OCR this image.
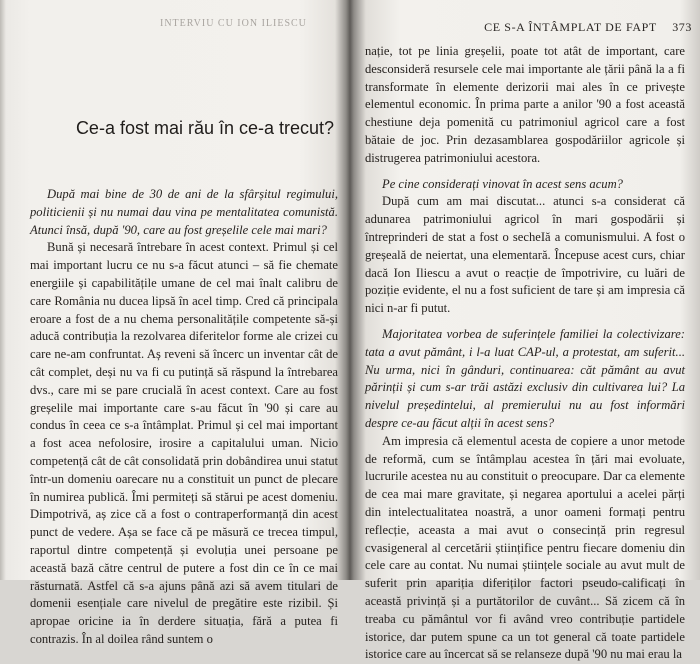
INTERVIU CU ION ILIESCU	CE S-A ÎNTÂMPLAT DE FAPT 373
Ce-a fost mai rău în ce-a trecut?

După mai bine de 30 de ani de la sfârșitul regimului, politicienii și nu numai dau vina pe mentalitatea comunistă. Atunci însă, după '90, care au fost greșelile cele mai mari?

Bună și necesară întrebare în acest context. Primul și cel mai important lucru ce nu s-a făcut atunci – să fie chemate energiile și capabilitățile umane de cel mai înalt calibru de care România nu ducea lipsă în acel timp. Cred că principala eroare a fost de a nu chema personalitățile competente să-și aducă contribuția la rezolvarea diferitelor forme ale crizei cu care ne-am confruntat. Aș reveni să încerc un inventar cât de cât complet, deși nu va fi cu putință să răspund la întrebarea dvs., care mi se pare crucială în acest context. Care au fost greșelile mai importante care s-au făcut în '90 și care au condus în ceea ce s-a întâmplat. Primul și cel mai important a fost acea nefolosire, irosire a capitalului uman. Nicio competență cât de cât consolidată prin dobândirea unui statut într-un domeniu oarecare nu a constituit un punct de plecare în numirea publică. Îmi permiteți să stărui pe acest domeniu. Dimpotrivă, aș zice că a fost o contraperformanță din acest punct de vedere. Așa se face că pe măsură ce trecea timpul, raportul dintre competență și evoluția unei persoane pe această bază către centrul de putere a fost din ce în ce mai răsturnată. Astfel că s-a ajuns până azi să avem titulari de domenii esențiale care nivelul de pregătire este rizibil. Și apropae oricine ia în derdere situația, fără a putea fi contrazis. În al doilea rând suntem o

nație, tot pe linia greșelii, poate tot atât de important, care desconsideră resursele cele mai importante ale țării până la a fi transformate în elemente derizorii mai ales în ce privește elementul economic. În prima parte a anilor '90 a fost această chestiune deja pomenită cu patrimoniul agricol care a fost bătaie de joc. Prin dezasamblarea gospodăriilor agricole și distrugerea patrimoniului acestora.

Pe cine considerați vinovat în acest sens acum?

După cum am mai discutat... atunci s-a considerat că adunarea patrimoniului agricol în mari gospodării și întreprinderi de stat a fost o secheIă a comunismului. A fost o greșeală de neiertat, una elementară. Începuse acest curs, chiar dacă Ion Iliescu a avut o reacție de împotrivire, cu luări de poziție evidente, el nu a fost suficient de tare și am impresia că nici n-ar fi putut.

Majoritatea vorbea de suferințele familiei la colectivizare: tata a avut pământ, i l-a luat CAP-ul, a protestat, am suferit... Nu urma, nici în gânduri, continuarea: căt pământ au avut părinții și cum s-ar trăi astăzi exclusiv din cultivarea lui? La nivelul președintelui, al premierului nu au fost informări despre ce-au făcut alții în acest sens?

Am impresia că elementul acesta de copiere a unor metode de reformă, cum se întâmplau acestea în țări mai evoluate, lucrurile acestea nu au constituit o preocupare. Dar ca elemente de cea mai mare gravitate, și negarea aportului a acelei părți din intelectualitatea noastră, a unor oameni formați pentru reflecție, aceasta a mai avut o consecință prin regresul cvasigeneral al cercetării științifice pentru fiecare domeniu din cele care au contat. Nu numai științele sociale au avut mult de suferit prin apariția diferiților factori pseudo-calificați în această privință și a purtătorilor de cuvânt... Să zicem că în treaba cu pământul vor fi având vreo contribuție partidele istorice, dar putem spune ca un tot general că toate partidele istorice care au încercat să se relanseze după '90 nu mai erau la
